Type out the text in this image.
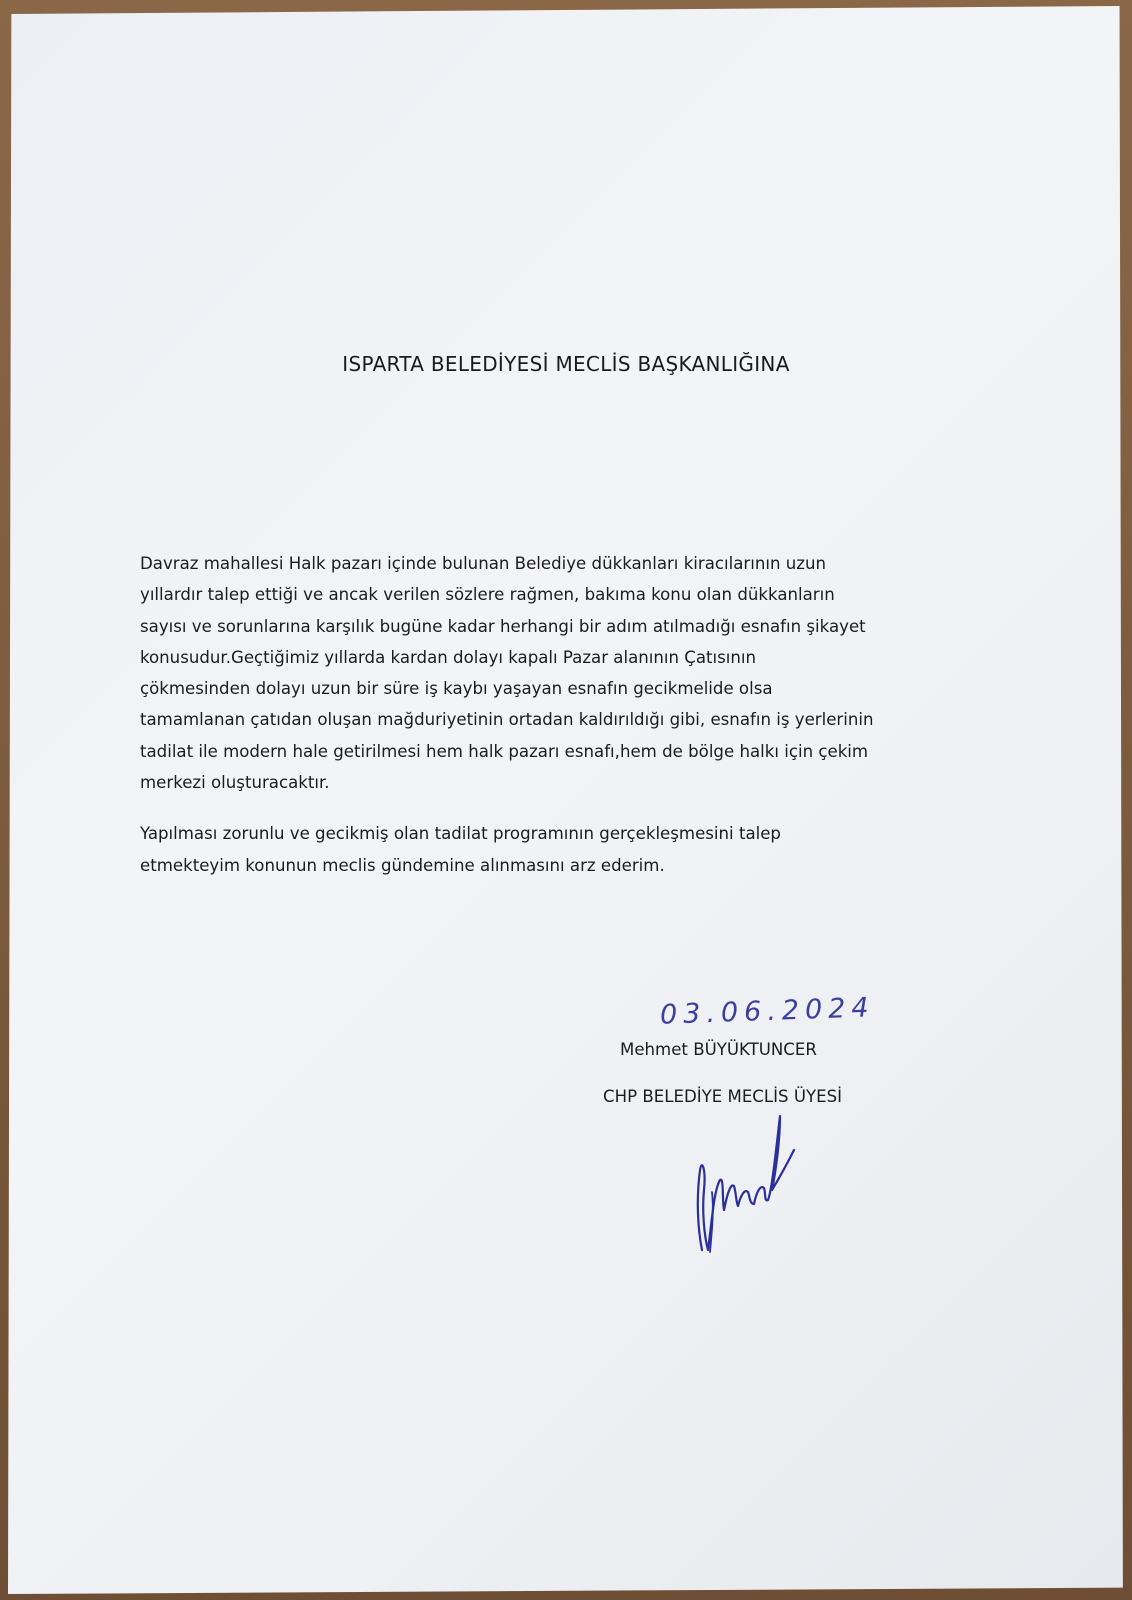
ISPARTA BELEDİYESİ MECLİS BAŞKANLIĞINA
Davraz mahallesi Halk pazarı içinde bulunan Belediye dükkanları kiracılarının uzun
yıllardır talep ettiği ve ancak verilen sözlere rağmen, bakıma konu olan dükkanların
sayısı ve sorunlarına karşılık bugüne kadar herhangi bir adım atılmadığı esnafın şikayet
konusudur.Geçtiğimiz yıllarda kardan dolayı kapalı Pazar alanının Çatısının
çökmesinden dolayı uzun bir süre iş kaybı yaşayan esnafın gecikmelide olsa
tamamlanan çatıdan oluşan mağduriyetinin ortadan kaldırıldığı gibi, esnafın iş yerlerinin
tadilat ile modern hale getirilmesi hem halk pazarı esnafı,hem de bölge halkı için çekim
merkezi oluşturacaktır.
Yapılması zorunlu ve gecikmiş olan tadilat programının gerçekleşmesini talep
etmekteyim konunun meclis gündemine alınmasını arz ederim.
03.06.2024
Mehmet BÜYÜKTUNCER
CHP BELEDİYE MECLİS ÜYESİ
